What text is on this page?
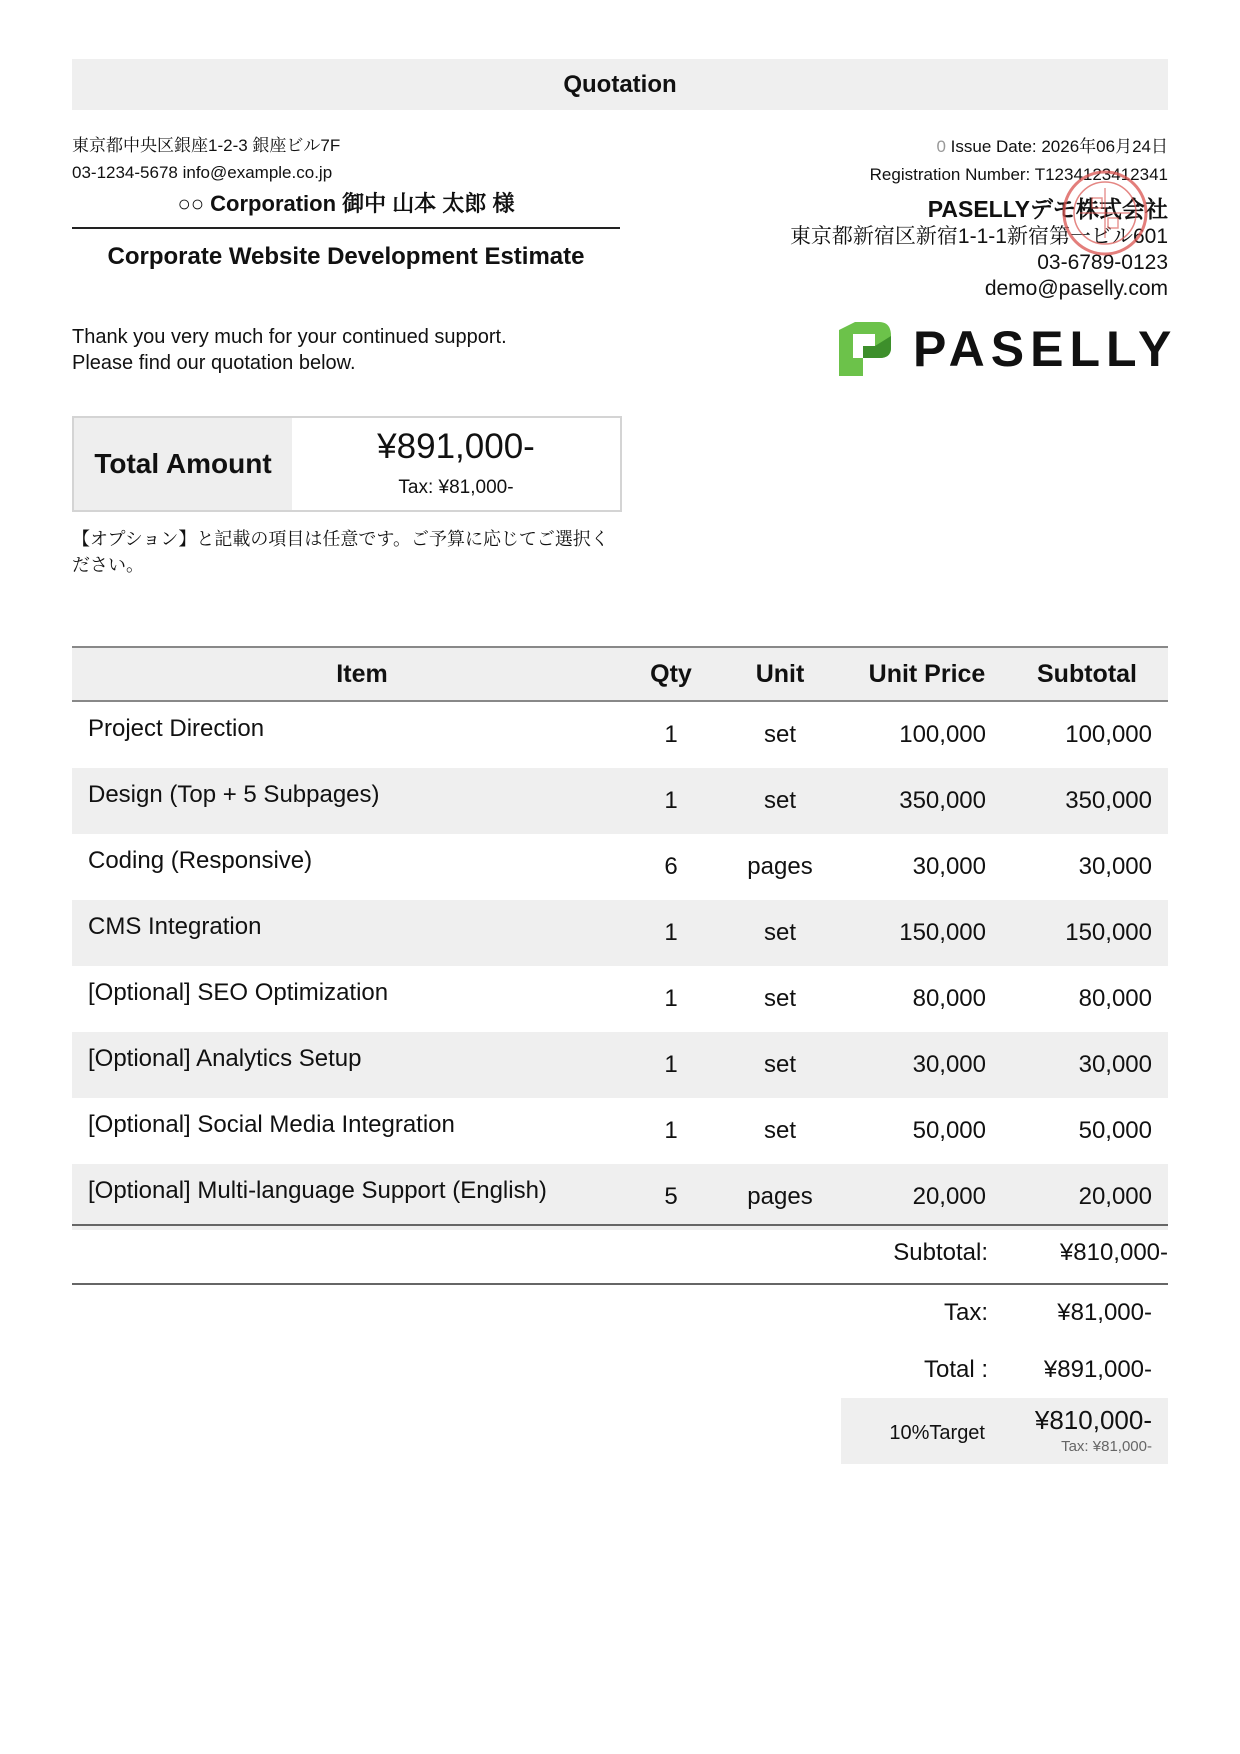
Quotation
東京都中央区銀座1-2-3 銀座ビル7F
03-1234-5678 info@example.co.jp
○○ Corporation 御中 山本 太郎 様
Corporate Website Development Estimate
Thank you very much for your continued support.
Please find our quotation below.
Total Amount	¥891,000-
Tax: ¥81,000-
【オプション】と記載の項目は任意です。ご予算に応じてご選択ください。
0 Issue Date: 2026年06月24日
Registration Number: T1234123412341
PASELLYデモ株式会社
東京都新宿区新宿1-1-1新宿第一ビル601
03-6789-0123
demo@paselly.com
PASELLY
Item	Qty	Unit	Unit Price	Subtotal
Project Direction	1	set	100,000	100,000
Design (Top + 5 Subpages)	1	set	350,000	350,000
Coding (Responsive)	6	pages	30,000	30,000
CMS Integration	1	set	150,000	150,000
[Optional] SEO Optimization	1	set	80,000	80,000
[Optional] Analytics Setup	1	set	30,000	30,000
[Optional] Social Media Integration	1	set	50,000	50,000
[Optional] Multi-language Support (English)	5	pages	20,000	20,000
Subtotal:	¥810,000-
Tax:	¥81,000-
Total : ¥891,000-
10%Target ¥810,000-
Tax: ¥81,000-
